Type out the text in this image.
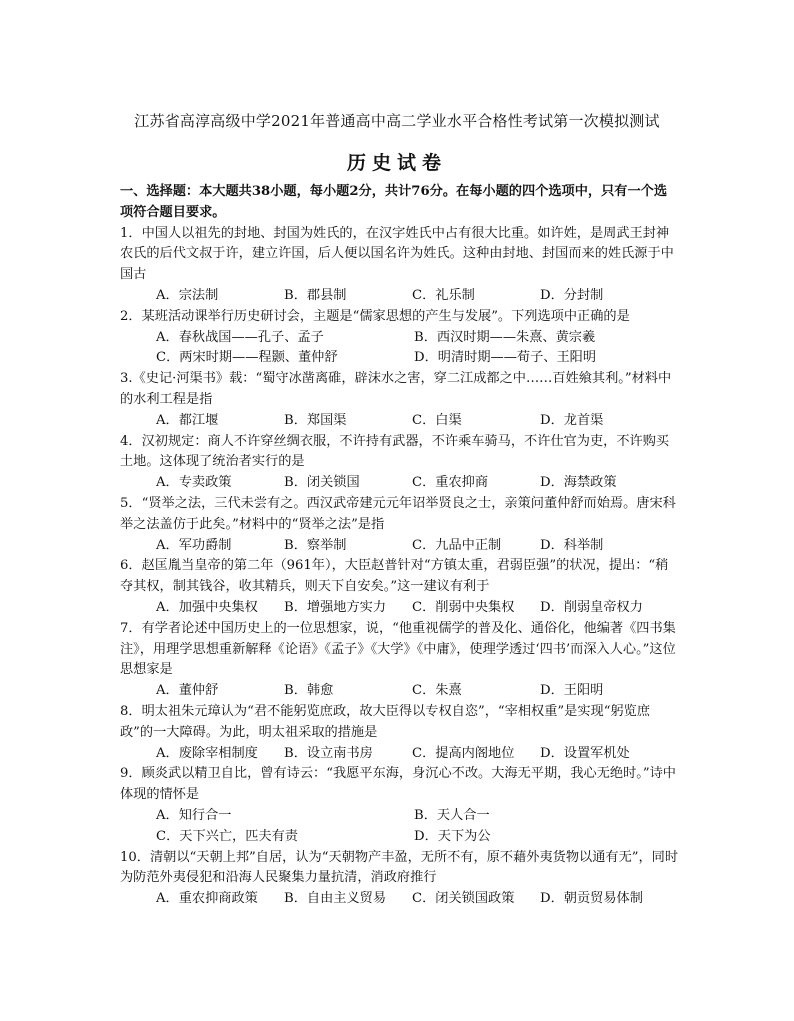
江苏省高淳高级中学2021年普通高中高二学业水平合格性考试第一次模拟测试
历史试卷
一、选择题：本大题共38小题，每小题2分，共计76分。在每小题的四个选项中，只有一个选项符合题目要求。

1．中国人以祖先的封地、封国为姓氏的，在汉字姓氏中占有很大比重。如许姓，是周武王封神农氏的后代文叔于许，建立许国，后人便以国名许为姓氏。这种由封地、封国而来的姓氏源于中国古

A．宗法制	B．郡县制	C．礼乐制	D．分封制

2．某班活动课举行历史研讨会，主题是“儒家思想的产生与发展”。下列选项中正确的是

A．春秋战国——孔子、孟子	B．西汉时期——朱熹、黄宗羲
C．两宋时期——程颢、董仲舒	D．明清时期——荀子、王阳明

3.《史记·河渠书》载：“蜀守冰凿离碓，辟沫水之害，穿二江成都之中……百姓飨其利。”材料中的水利工程是指

A．都江堰	B．郑国渠	C．白渠	D．龙首渠

4．汉初规定：商人不许穿丝绸衣服，不许持有武器，不许乘车骑马，不许仕官为吏，不许购买土地。这体现了统治者实行的是

A．专卖政策	B．闭关锁国	C．重农抑商	D．海禁政策

5．“贤举之法，三代未尝有之。西汉武帝建元元年诏举贤良之士，亲策问董仲舒而始焉。唐宋科举之法盖仿于此矣。”材料中的“贤举之法”是指

A．军功爵制	B．察举制	C．九品中正制	D．科举制

6．赵匡胤当皇帝的第二年（961年），大臣赵普针对“方镇太重，君弱臣强”的状况，提出：“稍夺其权，制其钱谷，收其精兵，则天下自安矣。”这一建议有利于

A．加强中央集权	B．增强地方实力	C．削弱中央集权	D．削弱皇帝权力

7．有学者论述中国历史上的一位思想家，说，“他重视儒学的普及化、通俗化，他编著《四书集注》，用理学思想重新解释《论语》《孟子》《大学》《中庸》，使理学透过‘四书’而深入人心。”这位思想家是

A．董仲舒	B．韩愈	C．朱熹	D．王阳明

8．明太祖朱元璋认为“君不能躬览庶政，故大臣得以专权自恣”，“宰相权重”是实现“躬览庶政”的一大障碍。为此，明太祖采取的措施是

A．废除宰相制度	B．设立南书房	C．提高内阁地位	D．设置军机处

9．顾炎武以精卫自比，曾有诗云：“我愿平东海，身沉心不改。大海无平期，我心无绝时。”诗中体现的情怀是

A．知行合一	B．天人合一
C．天下兴亡，匹夫有责	D．天下为公

10．清朝以“天朝上邦”自居，认为“天朝物产丰盈，无所不有，原不藉外夷货物以通有无”，同时为防范外夷侵犯和沿海人民聚集力量抗清，消政府推行

A．重农抑商政策	B．自由主义贸易	C．闭关锁国政策	D．朝贡贸易体制
